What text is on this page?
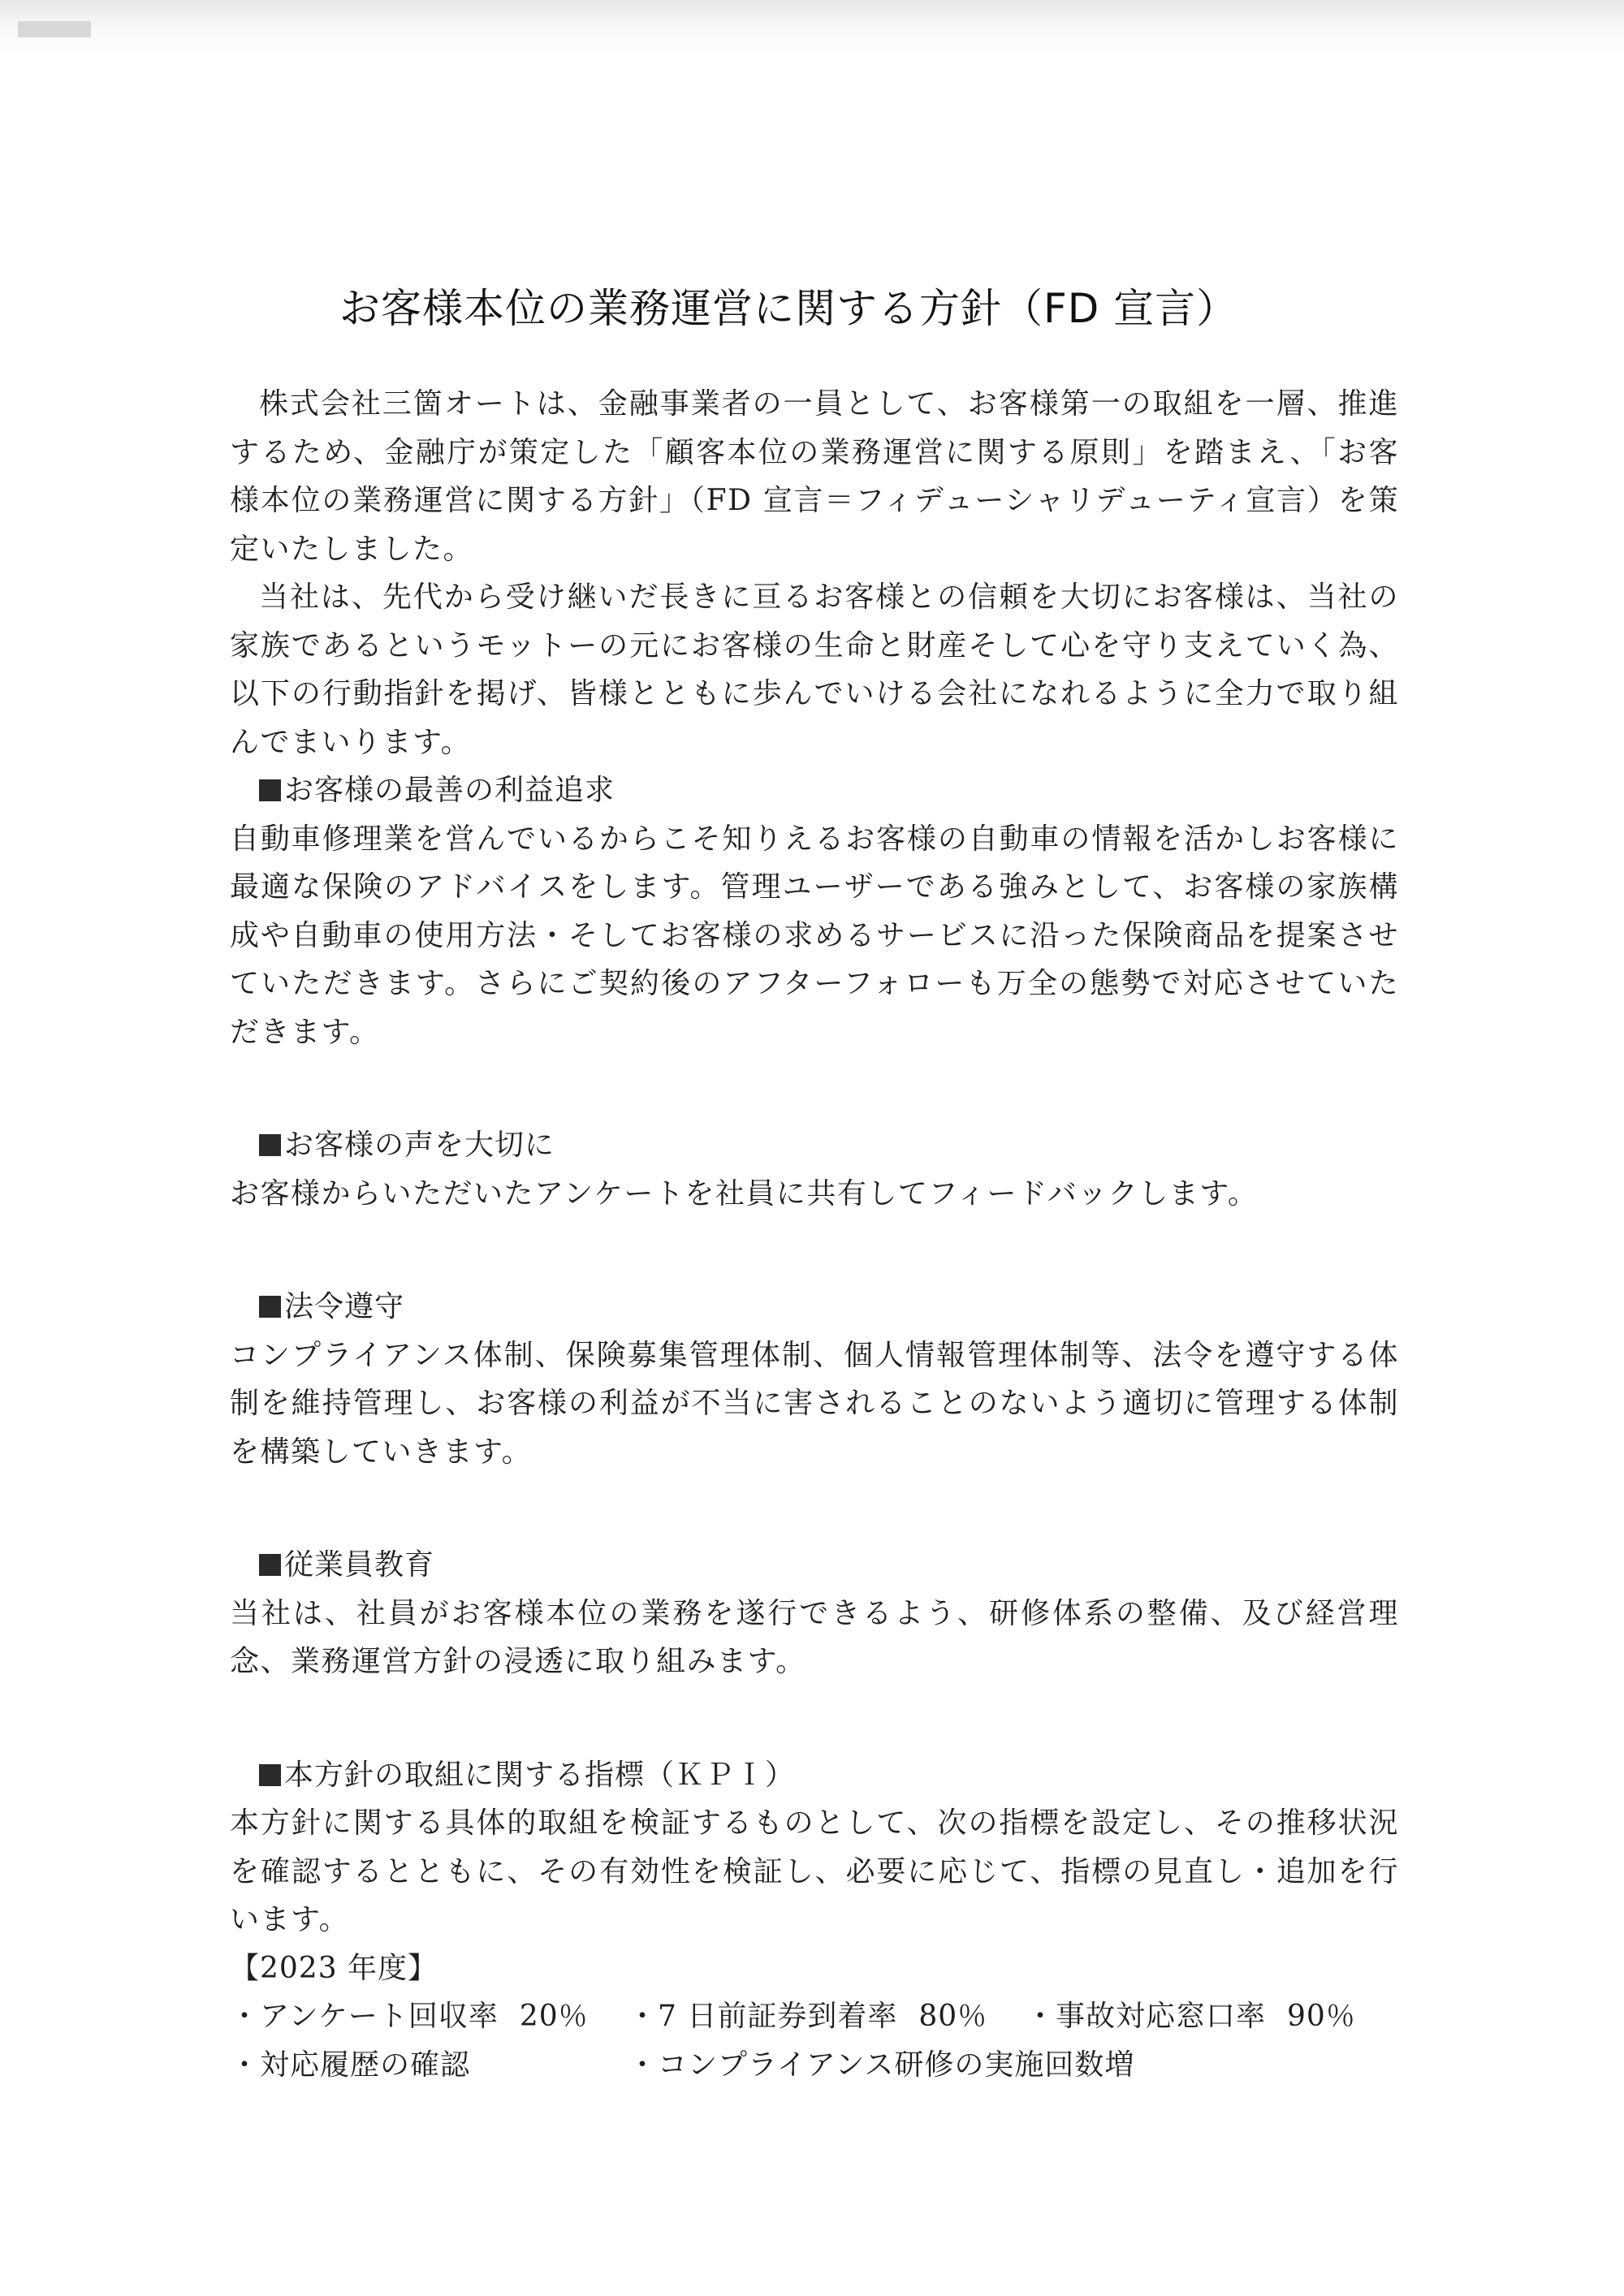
お客様本位の業務運営に関する方針（FD 宣言）

株式会社三箇オートは、金融事業者の一員として、お客様第一の取組を一層、推進するため、金融庁が策定した「顧客本位の業務運営に関する原則」を踏まえ、「お客様本位の業務運営に関する方針」（FD 宣言＝フィデューシャリデューティ宣言）を策定いたしました。

当社は、先代から受け継いだ長きに亘るお客様との信頼を大切にお客様は、当社の家族であるというモットーの元にお客様の生命と財産そして心を守り支えていく為、以下の行動指針を掲げ、皆様とともに歩んでいける会社になれるように全力で取り組んでまいります。

お客様の最善の利益追求

自動車修理業を営んでいるからこそ知りえるお客様の自動車の情報を活かしお客様に最適な保険のアドバイスをします。管理ユーザーである強みとして、お客様の家族構成や自動車の使用方法・そしてお客様の求めるサービスに沿った保険商品を提案させていただきます。さらにご契約後のアフターフォローも万全の態勢で対応させていただきます。

お客様の声を大切に

お客様からいただいたアンケートを社員に共有してフィードバックします。

法令遵守

コンプライアンス体制、保険募集管理体制、個人情報管理体制等、法令を遵守する体制を維持管理し、お客様の利益が不当に害されることのないよう適切に管理する体制を構築していきます。

従業員教育

当社は、社員がお客様本位の業務を遂行できるよう、研修体系の整備、及び経営理念、業務運営方針の浸透に取り組みます。

本方針の取組に関する指標（ＫＰＩ）

本方針に関する具体的取組を検証するものとして、次の指標を設定し、その推移状況を確認するとともに、その有効性を検証し、必要に応じて、指標の見直し・追加を行います。

【2023 年度】

・アンケート回収率 20％	・7 日前証券到着率 80％	・事故対応窓口率 90％
・対応履歴の確認	・コンプライアンス研修の実施回数増
